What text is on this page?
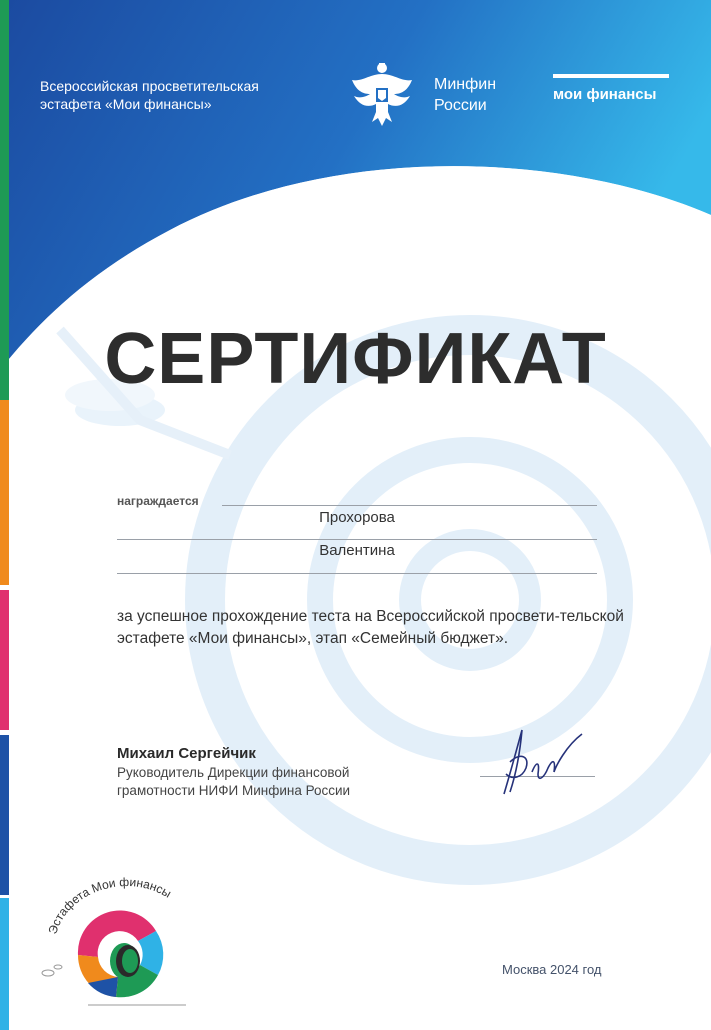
Всероссийская просветительская эстафета «Мои финансы»
Минфин
России
мои финансы
СЕРТИФИКАТ
награждается
Прохорова
Валентина
за успешное прохождение теста на Всероссийской просвети-тельской эстафете «Мои финансы», этап «Семейный бюджет».
Михаил Сергейчик
Руководитель Дирекции финансовой грамотности НИФИ Минфина России
Москва 2024 год
Эстафета Мои финансы
